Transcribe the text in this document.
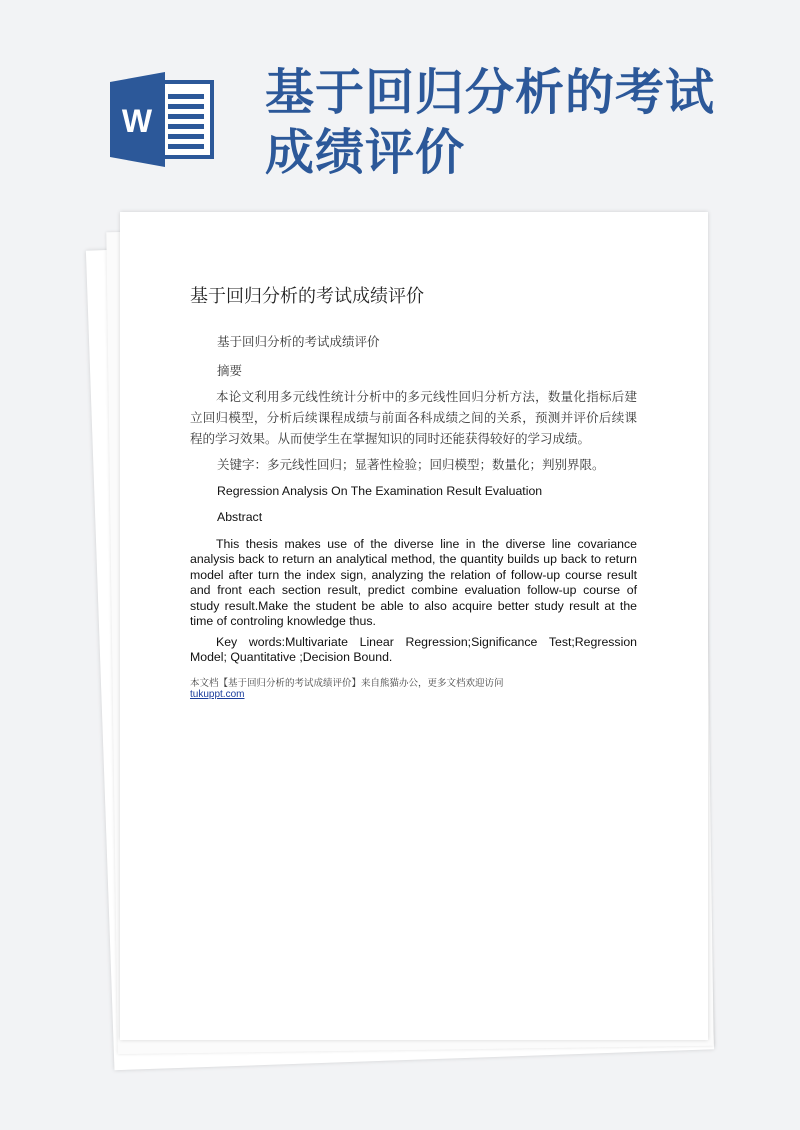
W 基于回归分析的考试成绩评价
基于回归分析的考试成绩评价
基于回归分析的考试成绩评价
摘要
本论文利用多元线性统计分析中的多元线性回归分析方法，数量化指标后建立回归模型，分析后续课程成绩与前面各科成绩之间的关系，预测并评价后续课程的学习效果。从而使学生在掌握知识的同时还能获得较好的学习成绩。
关键字：多元线性回归；显著性检验；回归模型；数量化；判别界限。
Regression Analysis On The Examination Result Evaluation
Abstract
This thesis makes use of the diverse line in the diverse line covariance analysis back to return an analytical method, the quantity builds up back to return model after turn the index sign, analyzing the relation of follow-up course result and front each section result, predict combine evaluation follow-up course of study result.Make the student be able to also acquire better study result at the time of controling knowledge thus.
Key words:Multivariate Linear Regression;Significance Test;Regression Model; Quantitative ;Decision Bound.
本文档【基于回归分析的考试成绩评价】来自熊猫办公，更多文档欢迎访问
tukuppt.com
